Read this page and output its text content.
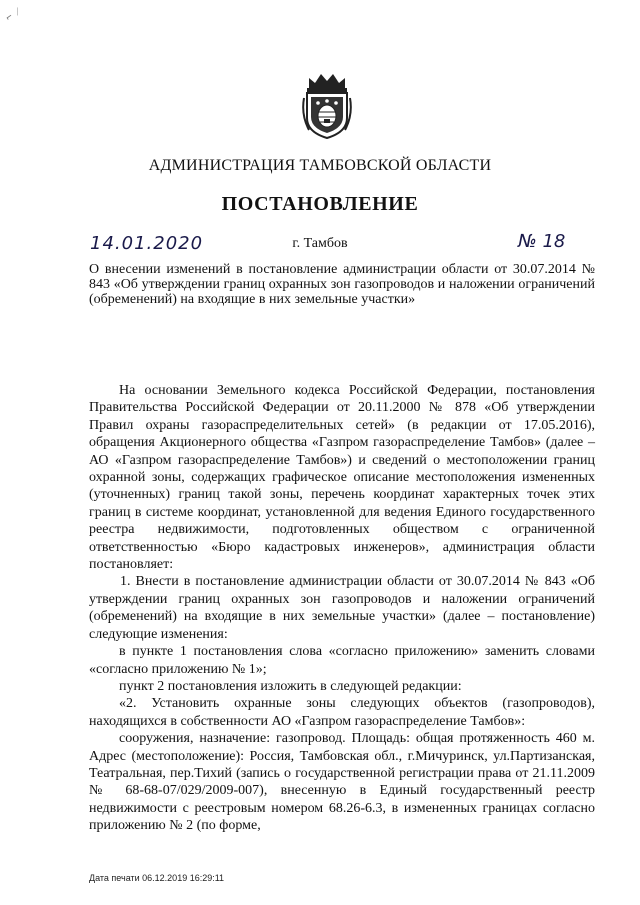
⌐ ⁄
АДМИНИСТРАЦИЯ ТАМБОВСКОЙ ОБЛАСТИ
ПОСТАНОВЛЕНИЕ
14.01.2020	г. Тамбов	№ 18
О внесении изменений в постановление администрации области от 30.07.2014 № 843 «Об утверждении границ охранных зон газопроводов и наложении ограничений (обременений) на входящие в них земельные участки»

На основании Земельного кодекса Российской Федерации, постановления Правительства Российской Федерации от 20.11.2000 № 878 «Об утверждении Правил охраны газораспределительных сетей» (в редакции от 17.05.2016), обращения Акционерного общества «Газпром газораспределение Тамбов» (далее – АО «Газпром газораспределение Тамбов») и сведений о местоположении границ охранной зоны, содержащих графическое описание местоположения измененных (уточненных) границ такой зоны, перечень координат характерных точек этих границ в системе координат, установленной для ведения Единого государственного реестра недвижимости, подготовленных обществом с ограниченной ответственностью «Бюро кадастровых инженеров», администрация области постановляет:

1. Внести в постановление администрации области от 30.07.2014 № 843 «Об утверждении границ охранных зон газопроводов и наложении ограничений (обременений) на входящие в них земельные участки» (далее – постановление) следующие изменения:

в пункте 1 постановления слова «согласно приложению» заменить словами «согласно приложению № 1»;

пункт 2 постановления изложить в следующей редакции:

«2. Установить охранные зоны следующих объектов (газопроводов), находящихся в собственности АО «Газпром газораспределение Тамбов»:

сооружения, назначение: газопровод. Площадь: общая протяженность 460 м. Адрес (местоположение): Россия, Тамбовская обл., г.Мичуринск, ул.Партизанская, Театральная, пер.Тихий (запись о государственной регистрации права от 21.11.2009 № 68-68-07/029/2009-007), внесенную в Единый государственный реестр недвижимости с реестровым номером 68.26-6.3, в измененных границах согласно приложению № 2 (по форме,

Дата печати 06.12.2019 16:29:11
